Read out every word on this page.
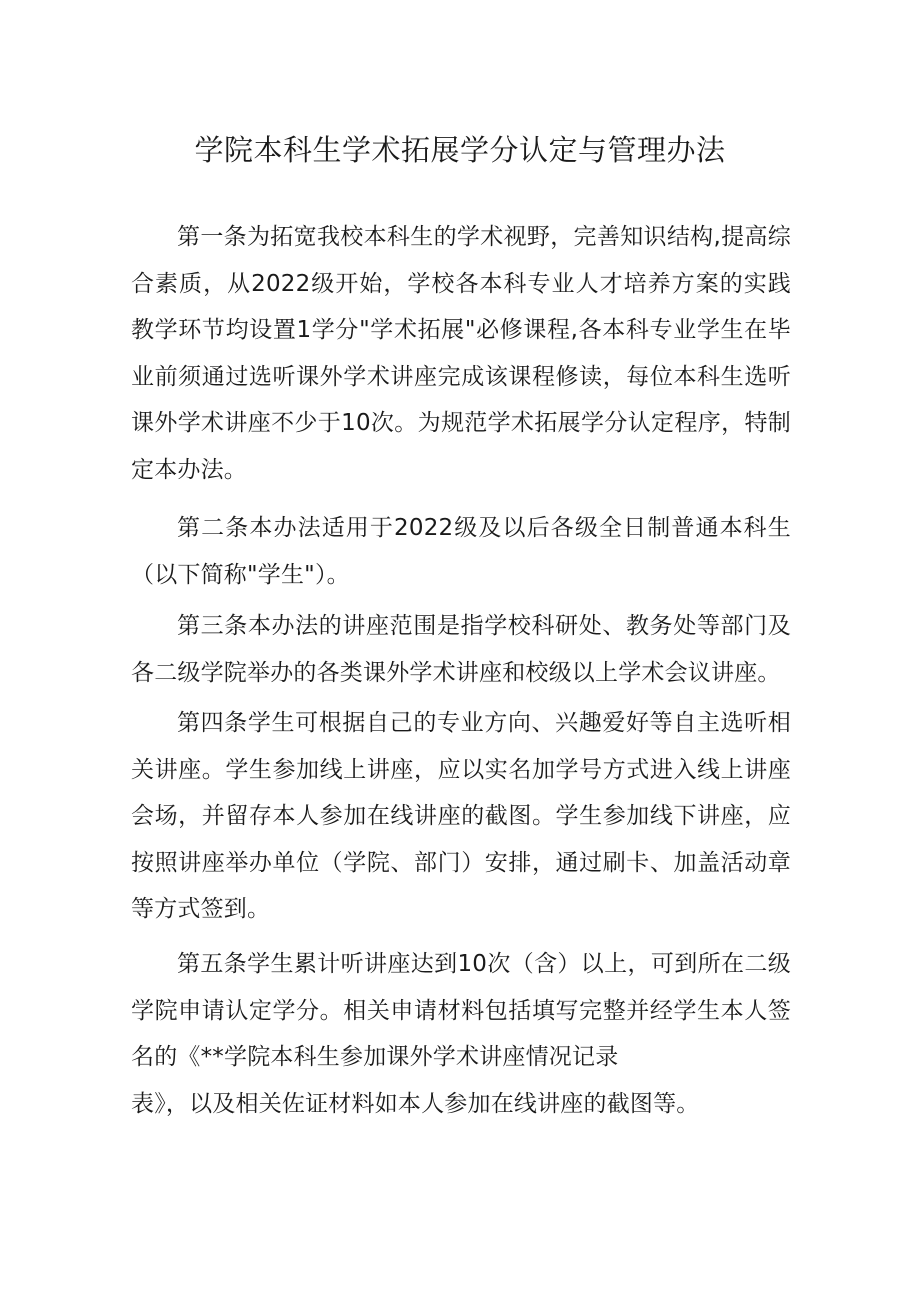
学院本科生学术拓展学分认定与管理办法

第一条为拓宽我校本科生的学术视野，完善知识结构,提高综合素质，从2022级开始，学校各本科专业人才培养方案的实践教学环节均设置1学分"学术拓展"必修课程,各本科专业学生在毕业前须通过选听课外学术讲座完成该课程修读，每位本科生选听课外学术讲座不少于10次。为规范学术拓展学分认定程序，特制定本办法。

第二条本办法适用于2022级及以后各级全日制普通本科生（以下简称"学生"）。

第三条本办法的讲座范围是指学校科研处、教务处等部门及各二级学院举办的各类课外学术讲座和校级以上学术会议讲座。

第四条学生可根据自己的专业方向、兴趣爱好等自主选听相关讲座。学生参加线上讲座，应以实名加学号方式进入线上讲座会场，并留存本人参加在线讲座的截图。学生参加线下讲座，应按照讲座举办单位（学院、部门）安排，通过刷卡、加盖活动章等方式签到。

第五条学生累计听讲座达到10次（含）以上，可到所在二级学院申请认定学分。相关申请材料包括填写完整并经学生本人签名的《**学院本科生参加课外学术讲座情况记录
表》，以及相关佐证材料如本人参加在线讲座的截图等。
